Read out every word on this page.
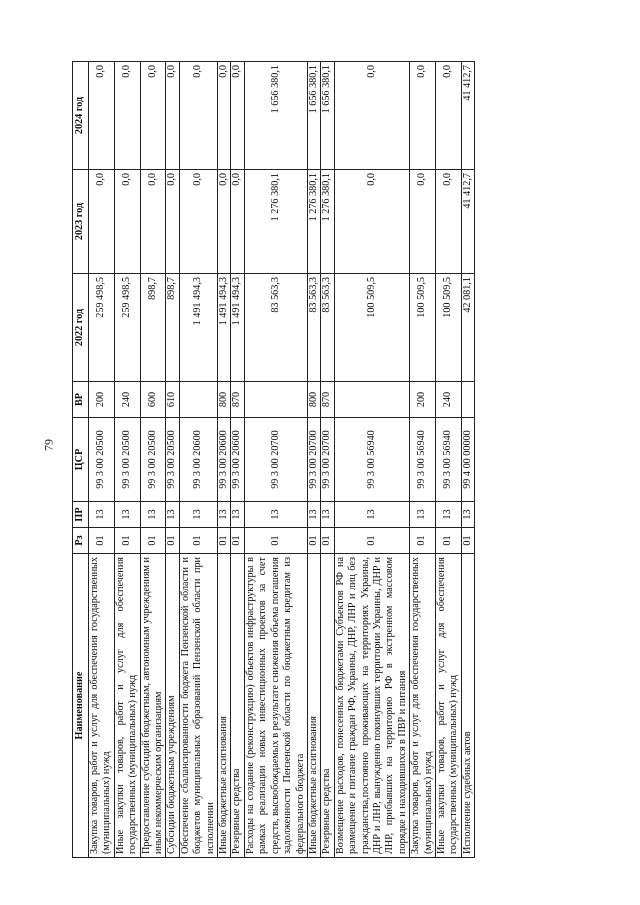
79
Наименование	Рз	ПР	ЦСР	ВР	2022 год	2023 год	2024 год
Закупка товаров, работ и услуг для обеспечения государственных (муниципальных) нужд	01	13	99 3 00 20500	200	259 498,5	0,0	0,0
Иные закупки товаров, работ и услуг для обеспечения государственных (муниципальных) нужд	01	13	99 3 00 20500	240	259 498,5	0,0	0,0
Предоставление субсидий бюджетным, автономным учреждениям и иным некоммерческим организациям	01	13	99 3 00 20500	600	898,7	0,0	0,0
Субсидии бюджетным учреждениям	01	13	99 3 00 20500	610	898,7	0,0	0,0
Обеспечение сбалансированности бюджета Пензенской области и бюджетов муниципальных образований Пензенской области при исполнении	01	13	99 3 00 20600		1 491 494,3	0,0	0,0
Иные бюджетные ассигнования	01	13	99 3 00 20600	800	1 491 494,3	0,0	0,0
Резервные средства	01	13	99 3 00 20600	870	1 491 494,3	0,0	0,0
Расходы на создание (реконструкцию) объектов инфраструктуры в рамках реализации новых инвестиционных проектов за счет средств, высвобождаемых в результате снижения объема погашения задолженности Пензенской области по бюджетным кредитам из федерального бюджета	01	13	99 3 00 20700		83 563,3	1 276 380,1	1 656 380,1
Иные бюджетные ассигнования	01	13	99 3 00 20700	800	83 563,3	1 276 380,1	1 656 380,1
Резервные средства	01	13	99 3 00 20700	870	83 563,3	1 276 380,1	1 656 380,1
Возмещение расходов, понесенных бюджетами Субъектов РФ на размещение и питание граждан РФ, Украины, ДНР, ЛНР и лиц без гражданства,постоянно проживающих на территориях Украины, ДНР и ЛНР, вынужденно покинувших территории Украины, ДНР и ЛНР, прибывших на территорию РФ в экстренном массовом порядке и находившихся в ПВР и питания	01	13	99 3 00 56940		100 509,5	0,0	0,0
Закупка товаров, работ и услуг для обеспечения государственных (муниципальных) нужд	01	13	99 3 00 56940	200	100 509,5	0,0	0,0
Иные закупки товаров, работ и услуг для обеспечения государственных (муниципальных) нужд	01	13	99 3 00 56940	240	100 509,5	0,0	0,0
Исполнение судебных актов	01	13	99 4 00 00000		42 081,1	41 412,7	41 412,7
